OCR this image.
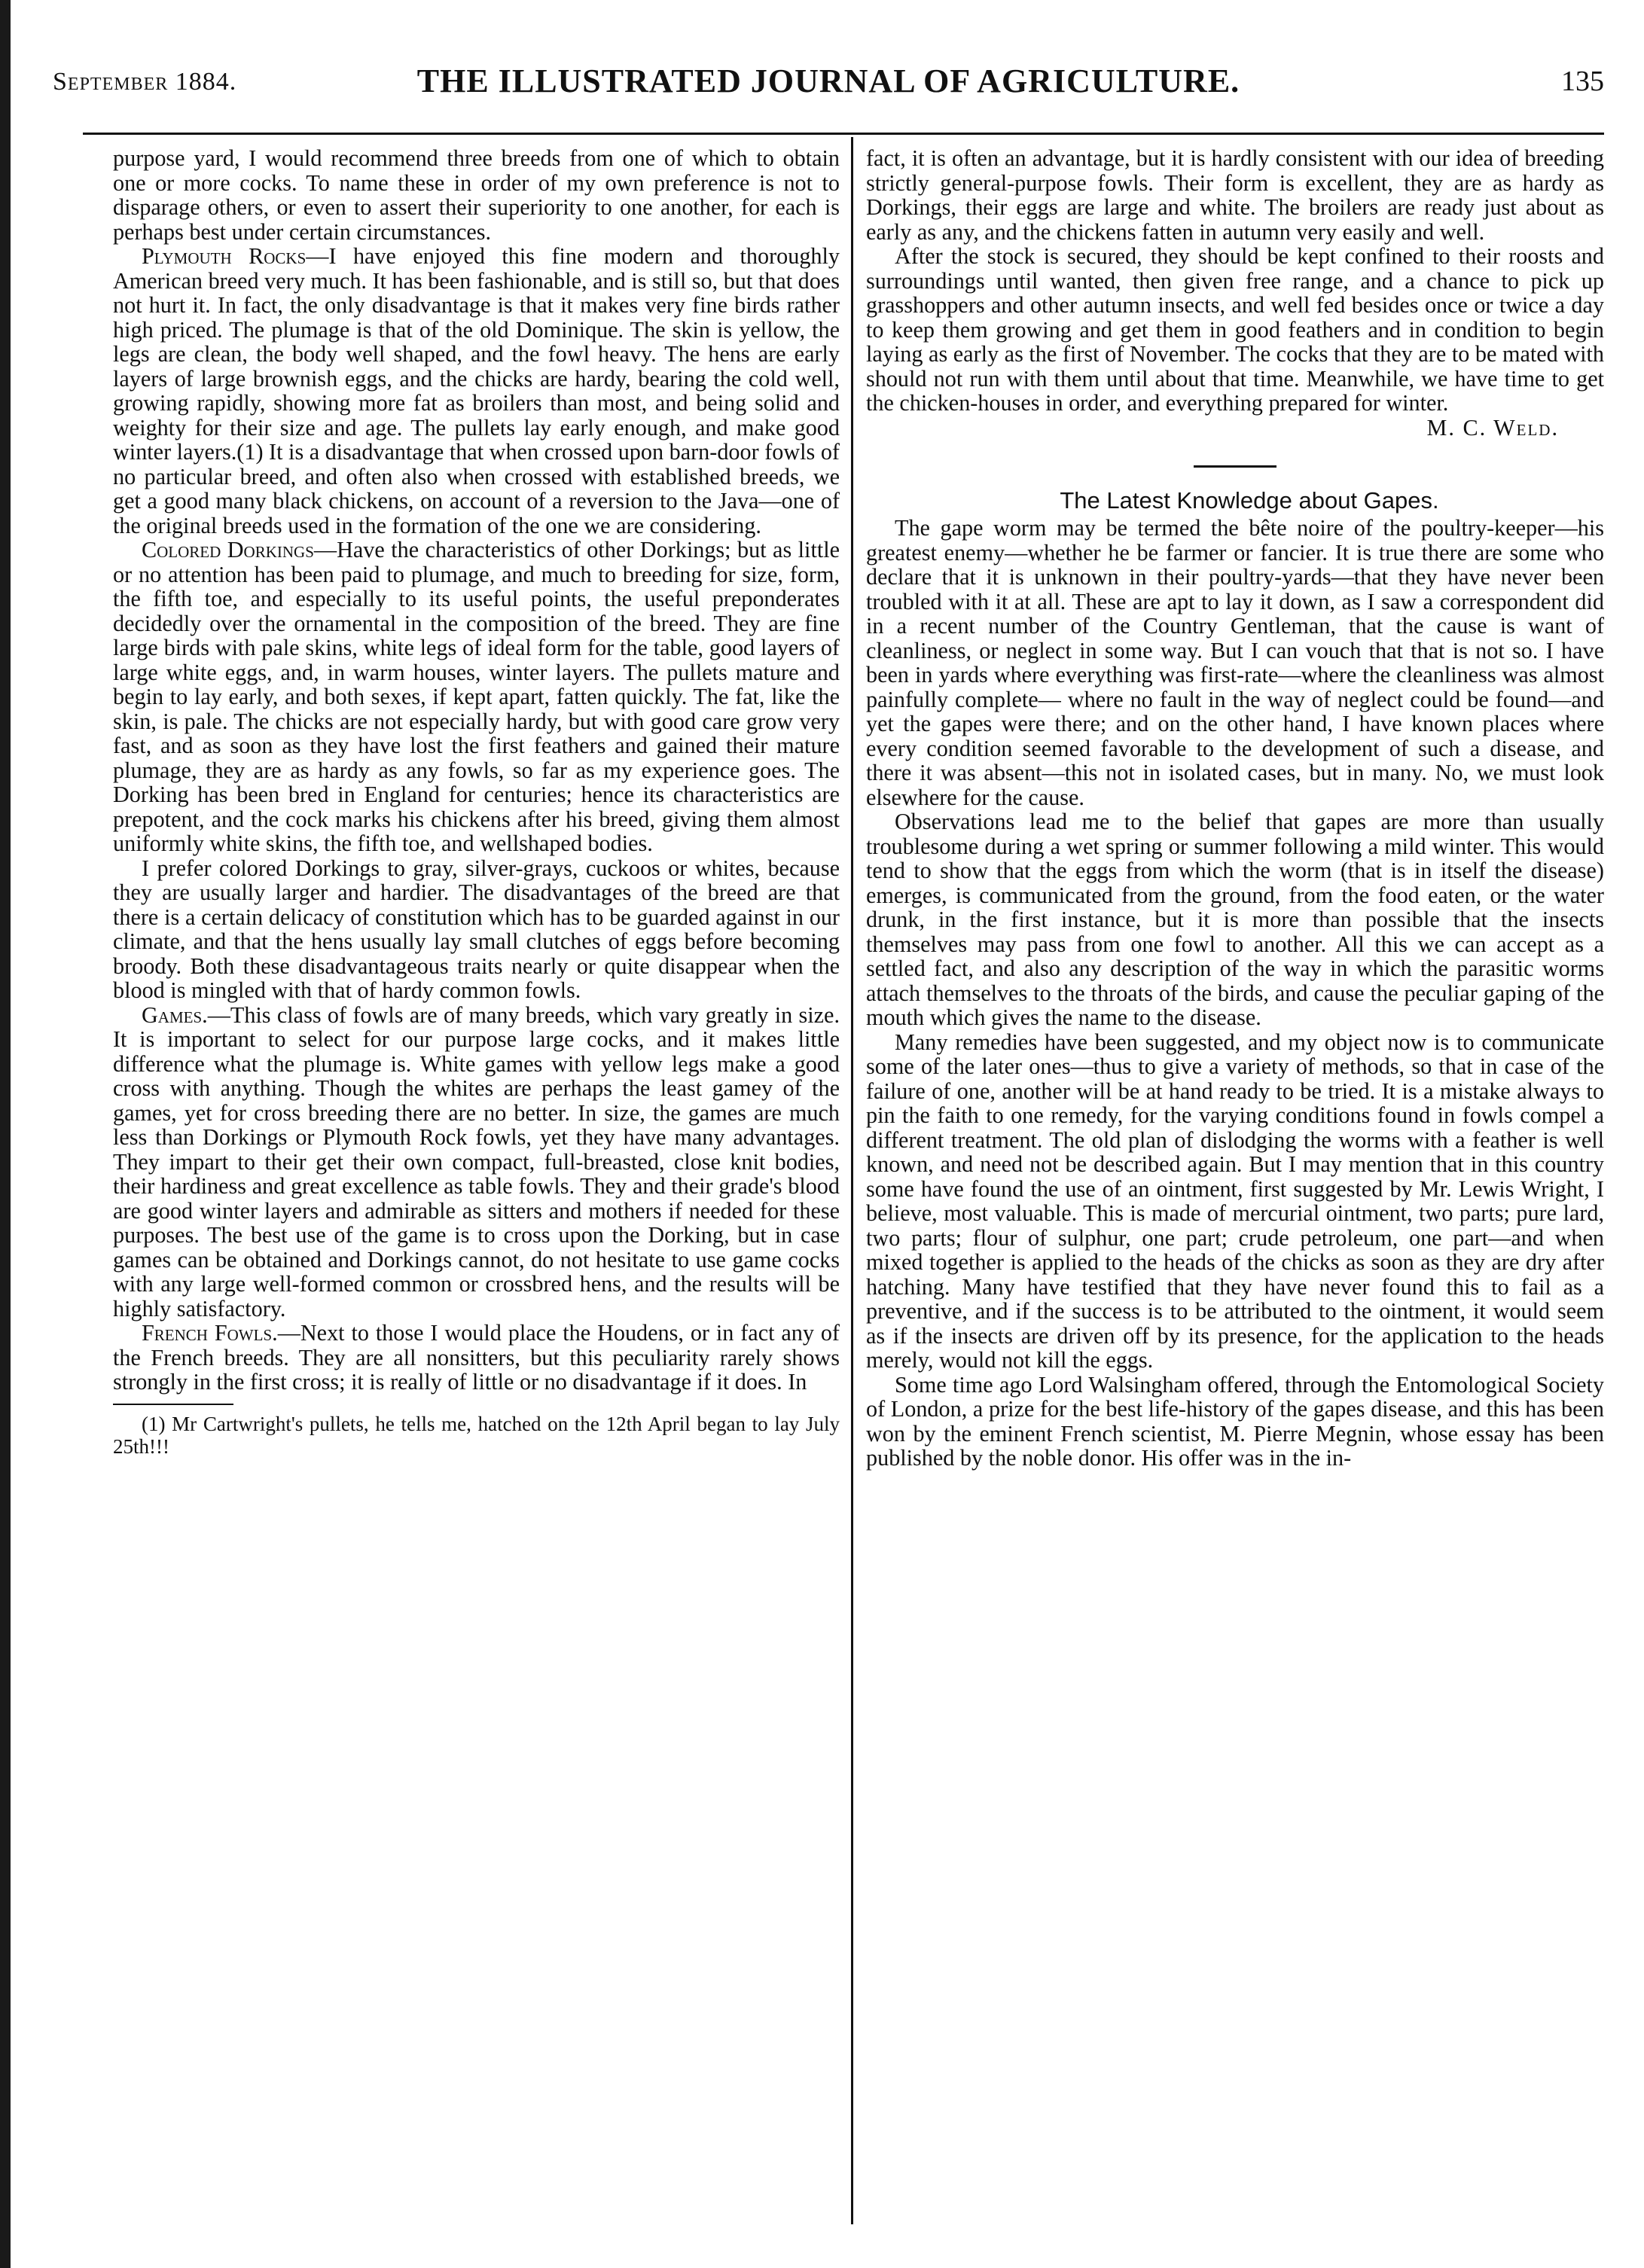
September 1884.	THE ILLUSTRATED JOURNAL OF AGRICULTURE.	135

purpose yard, I would recommend three breeds from one of which to obtain one or more cocks. To name these in order of my own preference is not to disparage others, or even to assert their superiority to one another, for each is perhaps best under certain circumstances.

Plymouth Rocks—I have enjoyed this fine modern and thoroughly American breed very much. It has been fashionable, and is still so, but that does not hurt it. In fact, the only disadvantage is that it makes very fine birds rather high priced. The plumage is that of the old Dominique. The skin is yellow, the legs are clean, the body well shaped, and the fowl heavy. The hens are early layers of large brownish eggs, and the chicks are hardy, bearing the cold well, growing rapidly, showing more fat as broilers than most, and being solid and weighty for their size and age. The pullets lay early enough, and make good winter layers.(1) It is a disadvantage that when crossed upon barn-door fowls of no particular breed, and often also when crossed with established breeds, we get a good many black chickens, on account of a reversion to the Java—one of the original breeds used in the formation of the one we are considering.

Colored Dorkings—Have the characteristics of other Dorkings; but as little or no attention has been paid to plumage, and much to breeding for size, form, the fifth toe, and especially to its useful points, the useful preponderates decidedly over the ornamental in the composition of the breed. They are fine large birds with pale skins, white legs of ideal form for the table, good layers of large white eggs, and, in warm houses, winter layers. The pullets mature and begin to lay early, and both sexes, if kept apart, fatten quickly. The fat, like the skin, is pale. The chicks are not especially hardy, but with good care grow very fast, and as soon as they have lost the first feathers and gained their mature plumage, they are as hardy as any fowls, so far as my experience goes. The Dorking has been bred in England for centuries; hence its characteristics are prepotent, and the cock marks his chickens after his breed, giving them almost uniformly white skins, the fifth toe, and wellshaped bodies.

I prefer colored Dorkings to gray, silver-grays, cuckoos or whites, because they are usually larger and hardier. The disadvantages of the breed are that there is a certain delicacy of constitution which has to be guarded against in our climate, and that the hens usually lay small clutches of eggs before becoming broody. Both these disadvantageous traits nearly or quite disappear when the blood is mingled with that of hardy common fowls.

Games.—This class of fowls are of many breeds, which vary greatly in size. It is important to select for our purpose large cocks, and it makes little difference what the plumage is. White games with yellow legs make a good cross with anything. Though the whites are perhaps the least gamey of the games, yet for cross breeding there are no better. In size, the games are much less than Dorkings or Plymouth Rock fowls, yet they have many advantages. They impart to their get their own compact, full-breasted, close knit bodies, their hardiness and great excellence as table fowls. They and their grade's blood are good winter layers and admirable as sitters and mothers if needed for these purposes. The best use of the game is to cross upon the Dorking, but in case games can be obtained and Dorkings cannot, do not hesitate to use game cocks with any large well-formed common or crossbred hens, and the results will be highly satisfactory.

French Fowls.—Next to those I would place the Houdens, or in fact any of the French breeds. They are all nonsitters, but this peculiarity rarely shows strongly in the first cross; it is really of little or no disadvantage if it does. In

(1) Mr Cartwright's pullets, he tells me, hatched on the 12th April began to lay July 25th!!!

fact, it is often an advantage, but it is hardly consistent with our idea of breeding strictly general-purpose fowls. Their form is excellent, they are as hardy as Dorkings, their eggs are large and white. The broilers are ready just about as early as any, and the chickens fatten in autumn very easily and well.

After the stock is secured, they should be kept confined to their roosts and surroundings until wanted, then given free range, and a chance to pick up grasshoppers and other autumn insects, and well fed besides once or twice a day to keep them growing and get them in good feathers and in condition to begin laying as early as the first of November. The cocks that they are to be mated with should not run with them until about that time. Meanwhile, we have time to get the chicken-houses in order, and everything prepared for winter.

M. C. Weld.

The Latest Knowledge about Gapes.

The gape worm may be termed the bête noire of the poultry-keeper—his greatest enemy—whether he be farmer or fancier. It is true there are some who declare that it is unknown in their poultry-yards—that they have never been troubled with it at all. These are apt to lay it down, as I saw a correspondent did in a recent number of the Country Gentleman, that the cause is want of cleanliness, or neglect in some way. But I can vouch that that is not so. I have been in yards where everything was first-rate—where the cleanliness was almost painfully complete— where no fault in the way of neglect could be found—and yet the gapes were there; and on the other hand, I have known places where every condition seemed favorable to the development of such a disease, and there it was absent—this not in isolated cases, but in many. No, we must look elsewhere for the cause.

Observations lead me to the belief that gapes are more than usually troublesome during a wet spring or summer following a mild winter. This would tend to show that the eggs from which the worm (that is in itself the disease) emerges, is communicated from the ground, from the food eaten, or the water drunk, in the first instance, but it is more than possible that the insects themselves may pass from one fowl to another. All this we can accept as a settled fact, and also any description of the way in which the parasitic worms attach themselves to the throats of the birds, and cause the peculiar gaping of the mouth which gives the name to the disease.

Many remedies have been suggested, and my object now is to communicate some of the later ones—thus to give a variety of methods, so that in case of the failure of one, another will be at hand ready to be tried. It is a mistake always to pin the faith to one remedy, for the varying conditions found in fowls compel a different treatment. The old plan of dislodging the worms with a feather is well known, and need not be described again. But I may mention that in this country some have found the use of an ointment, first suggested by Mr. Lewis Wright, I believe, most valuable. This is made of mercurial ointment, two parts; pure lard, two parts; flour of sulphur, one part; crude petroleum, one part—and when mixed together is applied to the heads of the chicks as soon as they are dry after hatching. Many have testified that they have never found this to fail as a preventive, and if the success is to be attributed to the ointment, it would seem as if the insects are driven off by its presence, for the application to the heads merely, would not kill the eggs.

Some time ago Lord Walsingham offered, through the Entomological Society of London, a prize for the best life-history of the gapes disease, and this has been won by the eminent French scientist, M. Pierre Megnin, whose essay has been published by the noble donor. His offer was in the in-
